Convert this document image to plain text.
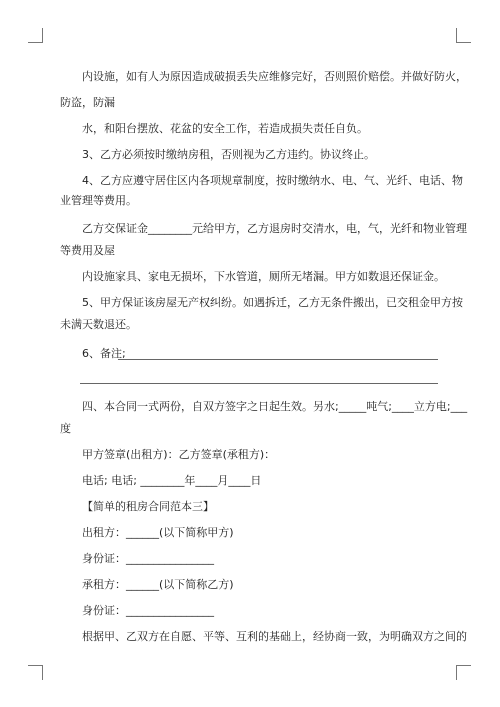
内设施，如有人为原因造成破损丢失应维修完好，否则照价赔偿。并做好防火，
防盗，防漏
水，和阳台摆放、花盆的安全工作，若造成损失责任自负。
3、乙方必须按时缴纳房租，否则视为乙方违约。协议终止。
4、乙方应遵守居住区内各项规章制度，按时缴纳水、电、气、光纤、电话、物
业管理等费用。
乙方交保证金________元给甲方，乙方退房时交清水，电，气，光纤和物业管理
等费用及屋
内设施家具、家电无损坏，下水管道，厕所无堵漏。甲方如数退还保证金。
5、甲方保证该房屋无产权纠纷。如遇拆迁，乙方无条件搬出，已交租金甲方按
未满天数退还。
6、备注;
四、本合同一式两份，自双方签字之日起生效。另水;_____吨气;____立方电;___
度
甲方签章(出租方)：乙方签章(承租方)：
电话; 电话; ________年____月____日
【简单的租房合同范本三】
出租方：______(以下简称甲方)
身份证：________________
承租方：______(以下简称乙方)
身份证：________________
根据甲、乙双方在自愿、平等、互利的基础上，经协商一致，为明确双方之间的
